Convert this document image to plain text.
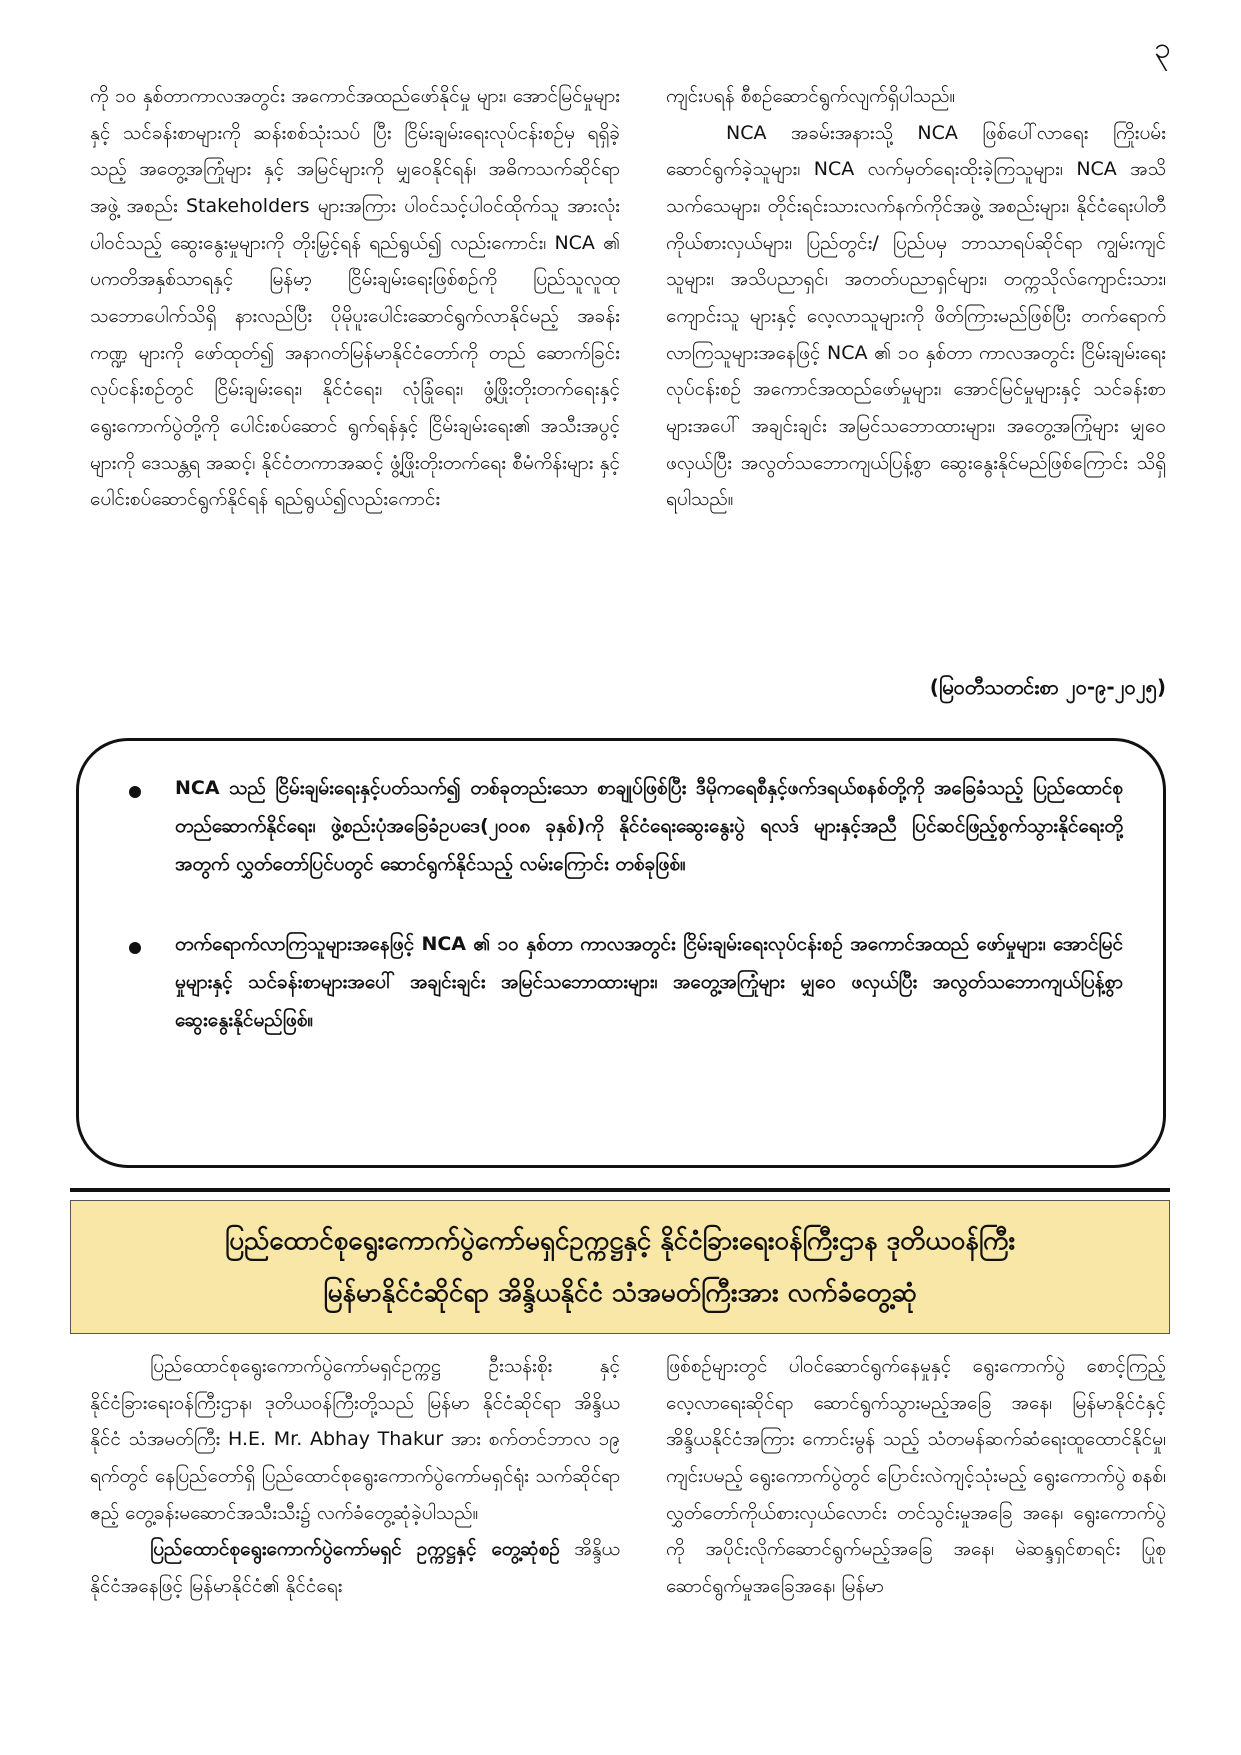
၃

ကို ၁၀ နှစ်တာကာလအတွင်း အကောင်အထည်ဖော်နိုင်မှု များ၊ အောင်မြင်မှုများနှင့် သင်ခန်းစာများကို ဆန်းစစ်သုံးသပ် ပြီး ငြိမ်းချမ်းရေးလုပ်ငန်းစဉ်မှ ရရှိခဲ့သည့် အတွေ့အကြုံများ နှင့် အမြင်များကို မျှဝေနိုင်ရန်၊ အဓိကသက်ဆိုင်ရာ အဖွဲ့ အစည်း Stakeholders များအကြား ပါဝင်သင့်ပါဝင်ထိုက်သူ အားလုံးပါဝင်သည့် ဆွေးနွေးမှုများကို တိုးမြှင့်ရန် ရည်ရွယ်၍ လည်းကောင်း၊ NCA ၏ ပကတိအနှစ်သာရနှင့် မြန်မာ့ ငြိမ်းချမ်းရေးဖြစ်စဉ်ကို ပြည်သူလူထု သဘောပေါက်သိရှိ နားလည်ပြီး ပိုမိုပူးပေါင်းဆောင်ရွက်လာနိုင်မည့် အခန်းကဏ္ဍ များကို ဖော်ထုတ်၍ အနာဂတ်မြန်မာနိုင်ငံတော်ကို တည် ဆောက်ခြင်းလုပ်ငန်းစဉ်တွင် ငြိမ်းချမ်းရေး၊ နိုင်ငံရေး၊ လုံခြုံရေး၊ ဖွံ့ဖြိုးတိုးတက်ရေးနှင့် ရွေးကောက်ပွဲတို့ကို ပေါင်းစပ်ဆောင် ရွက်ရန်နှင့် ငြိမ်းချမ်းရေး၏ အသီးအပွင့်များကို ဒေသန္တရ အဆင့်၊ နိုင်ငံတကာအဆင့် ဖွံ့ဖြိုးတိုးတက်ရေး စီမံကိန်းများ နှင့် ပေါင်းစပ်ဆောင်ရွက်နိုင်ရန် ရည်ရွယ်၍လည်းကောင်း

ကျင်းပရန် စီစဉ်ဆောင်ရွက်လျက်ရှိပါသည်။

NCA အခမ်းအနားသို့ NCA ဖြစ်ပေါ်လာရေး ကြိုးပမ်း ဆောင်ရွက်ခဲ့သူများ၊ NCA လက်မှတ်ရေးထိုးခဲ့ကြသူများ၊ NCA အသိသက်သေများ၊ တိုင်းရင်းသားလက်နက်ကိုင်အဖွဲ့ အစည်းများ၊ နိုင်ငံရေးပါတီ ကိုယ်စားလှယ်များ၊ ပြည်တွင်း/ ပြည်ပမှ ဘာသာရပ်ဆိုင်ရာ ကျွမ်းကျင်သူများ၊ အသိပညာရှင်၊ အတတ်ပညာရှင်များ၊ တက္ကသိုလ်ကျောင်းသား၊ ကျောင်းသူ များနှင့် လေ့လာသူများကို ဖိတ်ကြားမည်ဖြစ်ပြီး တက်ရောက် လာကြသူများအနေဖြင့် NCA ၏ ၁၀ နှစ်တာ ကာလအတွင်း ငြိမ်းချမ်းရေးလုပ်ငန်းစဉ် အကောင်အထည်ဖော်မှုများ၊ အောင်မြင်မှုများနှင့် သင်ခန်းစာများအပေါ် အချင်းချင်း အမြင်သဘောထားများ၊ အတွေ့အကြုံများ မျှဝေဖလှယ်ပြီး အလွတ်သဘောကျယ်ပြန့်စွာ ဆွေးနွေးနိုင်မည်ဖြစ်ကြောင်း သိရှိရပါသည်။

(မြဝတီသတင်းစာ ၂၀-၉-၂၀၂၅)
NCA သည် ငြိမ်းချမ်းရေးနှင့်ပတ်သက်၍ တစ်ခုတည်းသော စာချုပ်ဖြစ်ပြီး ဒီမိုကရေစီနှင့်ဖက်ဒရယ်စနစ်တို့ကို အခြေခံသည့် ပြည်ထောင်စုတည်ဆောက်နိုင်ရေး၊ ဖွဲ့စည်းပုံအခြေခံဥပဒေ(၂၀၀၈ ခုနှစ်)ကို နိုင်ငံရေးဆွေးနွေးပွဲ ရလဒ် များနှင့်အညီ ပြင်ဆင်ဖြည့်စွက်သွားနိုင်ရေးတို့အတွက် လွှတ်တော်ပြင်ပတွင် ဆောင်ရွက်နိုင်သည့် လမ်းကြောင်း တစ်ခုဖြစ်။
တက်ရောက်လာကြသူများအနေဖြင့် NCA ၏ ၁၀ နှစ်တာ ကာလအတွင်း ငြိမ်းချမ်းရေးလုပ်ငန်းစဉ် အကောင်အထည် ဖော်မှုများ၊ အောင်မြင်မှုများနှင့် သင်ခန်းစာများအပေါ် အချင်းချင်း အမြင်သဘောထားများ၊ အတွေ့အကြုံများ မျှဝေ ဖလှယ်ပြီး အလွတ်သဘောကျယ်ပြန့်စွာ ဆွေးနွေးနိုင်မည်ဖြစ်။
ပြည်ထောင်စုရွေးကောက်ပွဲကော်မရှင်ဥက္ကဋ္ဌနှင့် နိုင်ငံခြားရေးဝန်ကြီးဌာန ဒုတိယဝန်ကြီး
မြန်မာနိုင်ငံဆိုင်ရာ အိန္ဒိယနိုင်ငံ သံအမတ်ကြီးအား လက်ခံတွေ့ဆုံ

ပြည်ထောင်စုရွေးကောက်ပွဲကော်မရှင်ဥက္ကဋ္ဌ ဦးသန်းစိုး နှင့် နိုင်ငံခြားရေးဝန်ကြီးဌာန၊ ဒုတိယဝန်ကြီးတို့သည် မြန်မာ နိုင်ငံဆိုင်ရာ အိန္ဒိယနိုင်ငံ သံအမတ်ကြီး H.E. Mr. Abhay Thakur အား စက်တင်ဘာလ ၁၉ ရက်တွင် နေပြည်တော်ရှိ ပြည်ထောင်စုရွေးကောက်ပွဲကော်မရှင်ရုံး သက်ဆိုင်ရာ ဧည့် တွေ့ခန်းမဆောင်အသီးသီး၌ လက်ခံတွေ့ဆုံခဲ့ပါသည်။

ပြည်ထောင်စုရွေးကောက်ပွဲကော်မရှင် ဥက္ကဋ္ဌနှင့် တွေ့ဆုံစဉ် အိန္ဒိယနိုင်ငံအနေဖြင့် မြန်မာနိုင်ငံ၏ နိုင်ငံရေး

ဖြစ်စဉ်များတွင် ပါဝင်ဆောင်ရွက်နေမှုနှင့် ရွေးကောက်ပွဲ စောင့်ကြည့်လေ့လာရေးဆိုင်ရာ ဆောင်ရွက်သွားမည့်အခြေ အနေ၊ မြန်မာနိုင်ငံနှင့် အိန္ဒိယနိုင်ငံအကြား ကောင်းမွန် သည့် သံတမန်ဆက်ဆံရေးထူထောင်နိုင်မှု၊ ကျင်းပမည့် ရွေးကောက်ပွဲတွင် ပြောင်းလဲကျင့်သုံးမည့် ရွေးကောက်ပွဲ စနစ်၊ လွှတ်တော်ကိုယ်စားလှယ်လောင်း တင်သွင်းမှုအခြေ အနေ၊ ရွေးကောက်ပွဲကို အပိုင်းလိုက်ဆောင်ရွက်မည့်အခြေ အနေ၊ မဲဆန္ဒရှင်စာရင်း ပြုစုဆောင်ရွက်မှုအခြေအနေ၊ မြန်မာ
